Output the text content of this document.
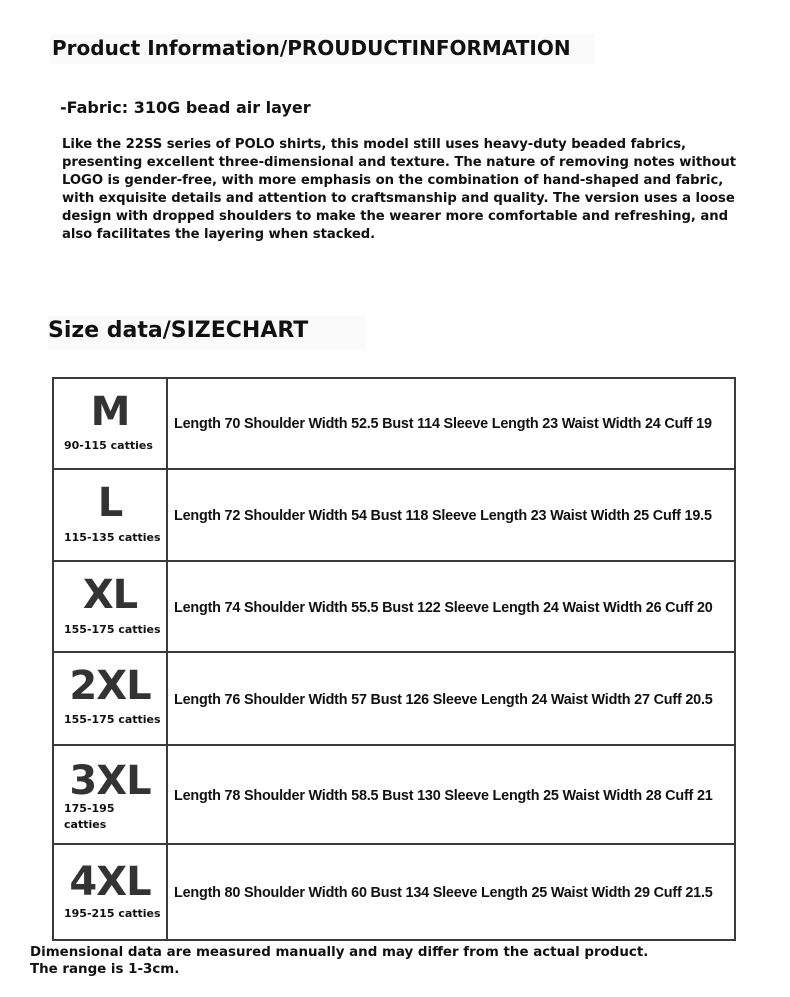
Product Information/PROUDUCTINFORMATION
-Fabric: 310G bead air layer
Like the 22SS series of POLO shirts, this model still uses heavy-duty beaded fabrics, presenting excellent three-dimensional and texture. The nature of removing notes without LOGO is gender-free, with more emphasis on the combination of hand-shaped and fabric, with exquisite details and attention to craftsmanship and quality. The version uses a loose design with dropped shoulders to make the wearer more comfortable and refreshing, and also facilitates the layering when stacked.
Size data/SIZECHART
M
90-115 catties
Length 70 Shoulder Width 52.5 Bust 114 Sleeve Length 23 Waist Width 24 Cuff 19
L
115-135 catties
Length 72 Shoulder Width 54 Bust 118 Sleeve Length 23 Waist Width 25 Cuff 19.5
XL
155-175 catties
Length 74 Shoulder Width 55.5 Bust 122 Sleeve Length 24 Waist Width 26 Cuff 20
2XL
155-175 catties
Length 76 Shoulder Width 57 Bust 126 Sleeve Length 24 Waist Width 27 Cuff 20.5
3XL
175-195 catties
Length 78 Shoulder Width 58.5 Bust 130 Sleeve Length 25 Waist Width 28 Cuff 21
4XL
195-215 catties
Length 80 Shoulder Width 60 Bust 134 Sleeve Length 25 Waist Width 29 Cuff 21.5
Dimensional data are measured manually and may differ from the actual product. The range is 1-3cm.
